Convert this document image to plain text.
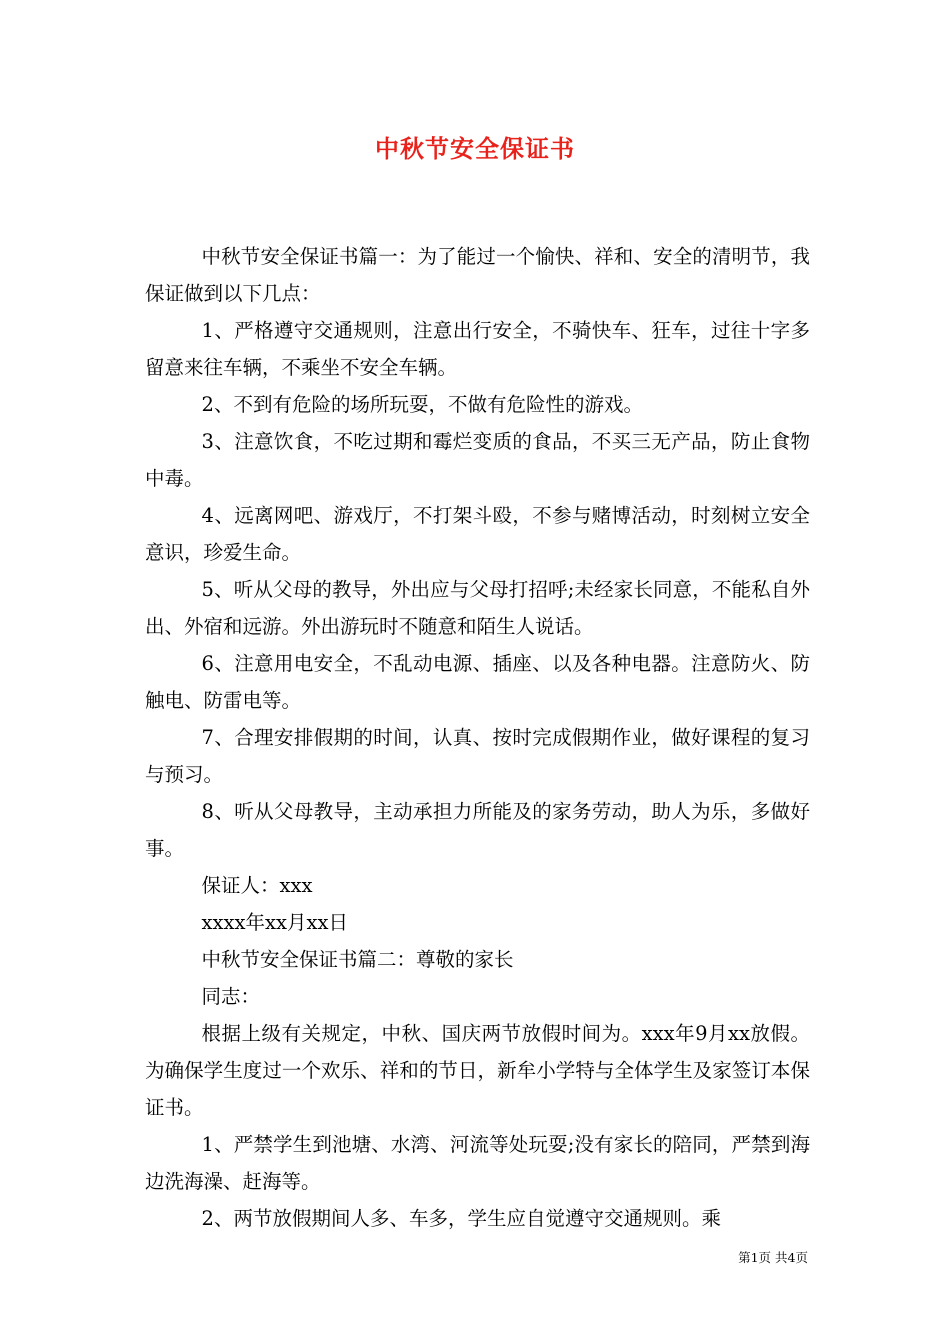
中秋节安全保证书

中秋节安全保证书篇一：为了能过一个愉快、祥和、安全的清明节，我保证做到以下几点：

1、严格遵守交通规则，注意出行安全，不骑快车、狂车，过往十字多留意来往车辆，不乘坐不安全车辆。

2、不到有危险的场所玩耍，不做有危险性的游戏。

3、注意饮食，不吃过期和霉烂变质的食品，不买三无产品，防止食物中毒。

4、远离网吧、游戏厅，不打架斗殴，不参与赌博活动，时刻树立安全意识，珍爱生命。

5、听从父母的教导，外出应与父母打招呼;未经家长同意，不能私自外出、外宿和远游。外出游玩时不随意和陌生人说话。

6、注意用电安全，不乱动电源、插座、以及各种电器。注意防火、防触电、防雷电等。

7、合理安排假期的时间，认真、按时完成假期作业，做好课程的复习与预习。

8、听从父母教导，主动承担力所能及的家务劳动，助人为乐，多做好事。

保证人：xxx

xxxx年xx月xx日

中秋节安全保证书篇二：尊敬的家长

同志：

根据上级有关规定，中秋、国庆两节放假时间为。xxx年9月xx放假。为确保学生度过一个欢乐、祥和的节日，新牟小学特与全体学生及家签订本保证书。

1、严禁学生到池塘、水湾、河流等处玩耍;没有家长的陪同，严禁到海边洗海澡、赶海等。

2、两节放假期间人多、车多，学生应自觉遵守交通规则。乘

第1页 共4页
